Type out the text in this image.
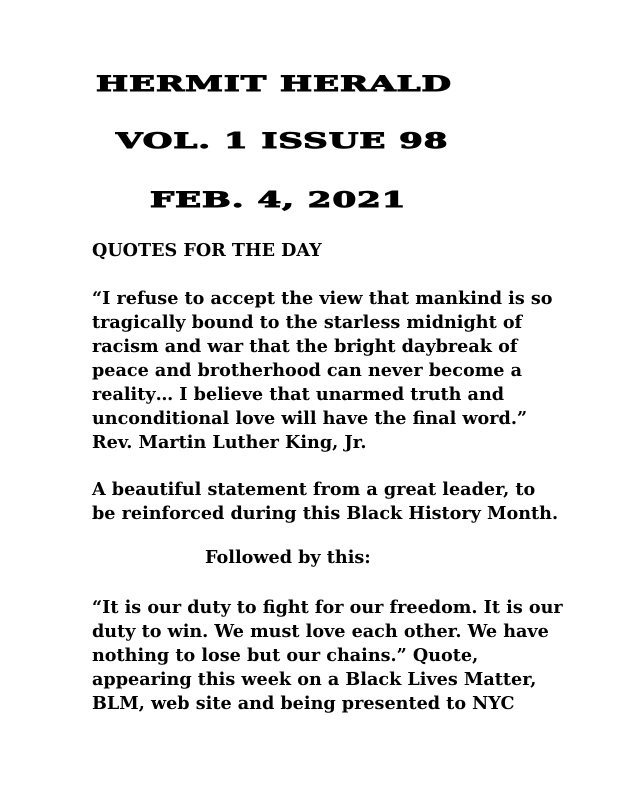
HERMIT HERALD
VOL. 1 ISSUE 98
FEB. 4, 2021
QUOTES FOR THE DAY
“I refuse to accept the view that mankind is so
tragically bound to the starless midnight of
racism and war that the bright daybreak of
peace and brotherhood can never become a
reality… I believe that unarmed truth and
unconditional love will have the final word.”
Rev. Martin Luther King, Jr.
A beautiful statement from a great leader, to
be reinforced during this Black History Month.
Followed by this:
“It is our duty to fight for our freedom. It is our
duty to win. We must love each other. We have
nothing to lose but our chains.” Quote,
appearing this week on a Black Lives Matter,
BLM, web site and being presented to NYC
